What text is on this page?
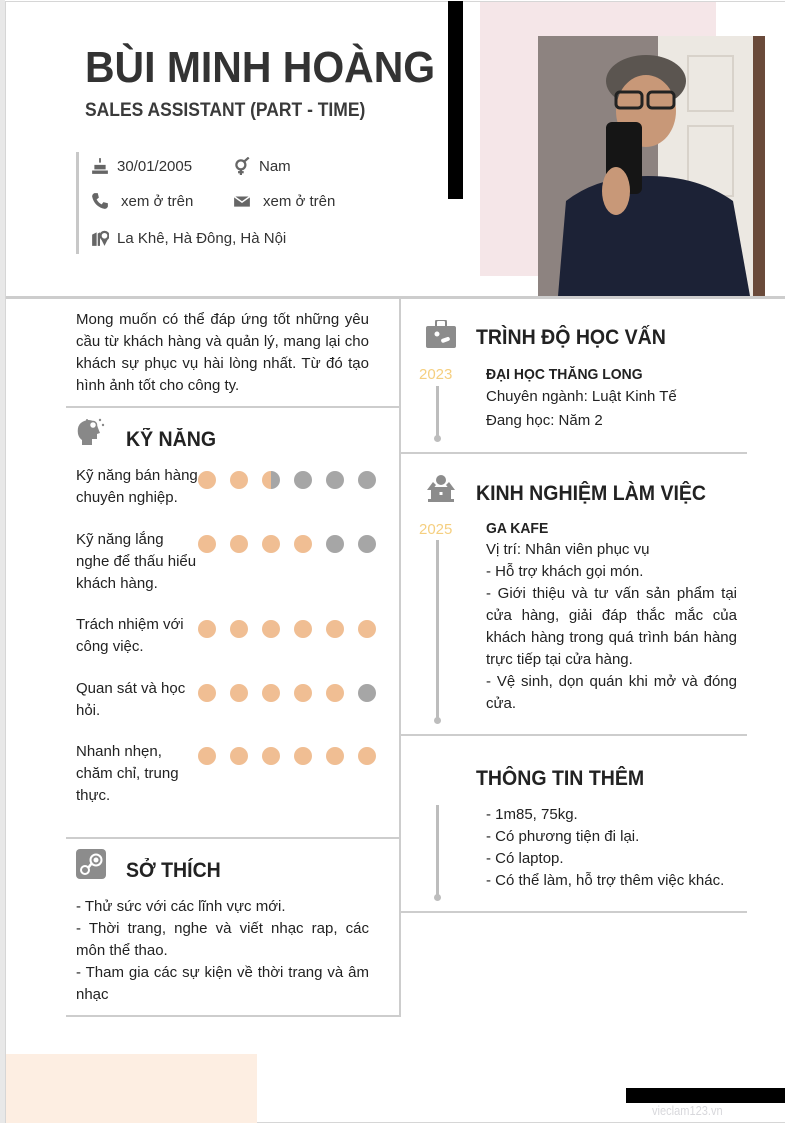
BÙI MINH HOÀNG
SALES ASSISTANT (PART - TIME)
30/01/2005	Nam
xem ở trên	xem ở trên
La Khê, Hà Đông, Hà Nội
Mong muốn có thể đáp ứng tốt những yêu cầu từ khách hàng và quản lý, mang lại cho khách sự phục vụ hài lòng nhất. Từ đó tạo hình ảnh tốt cho công ty.
KỸ NĂNG
Kỹ năng bán hàng chuyên nghiệp.
Kỹ năng lắng nghe để thấu hiểu khách hàng.
Trách nhiệm với công việc.
Quan sát và học hỏi.
Nhanh nhẹn, chăm chỉ, trung thực.
SỞ THÍCH
- Thử sức với các lĩnh vực mới.
- Thời trang, nghe và viết nhạc rap, các môn thể thao.
- Tham gia các sự kiện về thời trang và âm nhạc
TRÌNH ĐỘ HỌC VẤN
2023 ĐẠI HỌC THĂNG LONG
Chuyên ngành: Luật Kinh Tế
Đang học: Năm 2
KINH NGHIỆM LÀM VIỆC
2025 GA KAFE
Vị trí: Nhân viên phục vụ
- Hỗ trợ khách gọi món.
- Giới thiệu và tư vấn sản phẩm tại cửa hàng, giải đáp thắc mắc của khách hàng trong quá trình bán hàng trực tiếp tại cửa hàng.
- Vệ sinh, dọn quán khi mở và đóng cửa.
THÔNG TIN THÊM
- 1m85, 75kg.
- Có phương tiện đi lại.
- Có laptop.
- Có thể làm, hỗ trợ thêm việc khác.
vieclam123.vn
